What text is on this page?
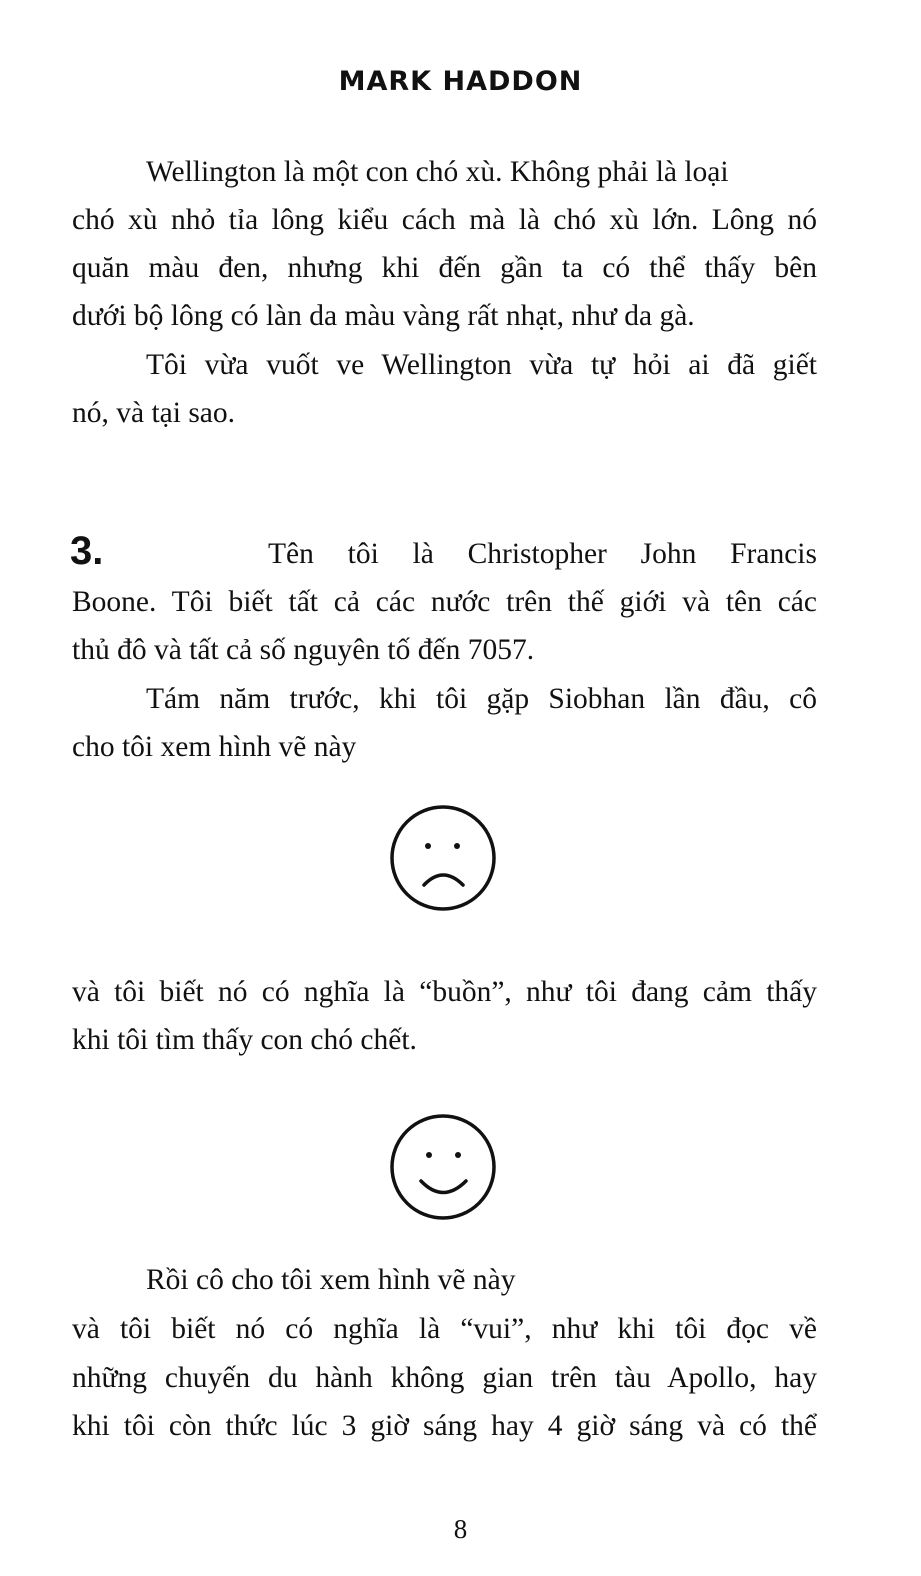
MARK HADDON
Wellington là một con chó xù. Không phải là loại
chó xù nhỏ tỉa lông kiểu cách mà là chó xù lớn. Lông nó
quăn màu đen, nhưng khi đến gần ta có thể thấy bên
dưới bộ lông có làn da màu vàng rất nhạt, như da gà.
Tôi vừa vuốt ve Wellington vừa tự hỏi ai đã giết
nó, và tại sao.
3.	Tên tôi là Christopher John Francis
Boone. Tôi biết tất cả các nước trên thế giới và tên các
thủ đô và tất cả số nguyên tố đến 7057.
Tám năm trước, khi tôi gặp Siobhan lần đầu, cô
cho tôi xem hình vẽ này
và tôi biết nó có nghĩa là “buồn”, như tôi đang cảm thấy
khi tôi tìm thấy con chó chết.
Rồi cô cho tôi xem hình vẽ này
và tôi biết nó có nghĩa là “vui”, như khi tôi đọc về
những chuyến du hành không gian trên tàu Apollo, hay
khi tôi còn thức lúc 3 giờ sáng hay 4 giờ sáng và có thể
8
